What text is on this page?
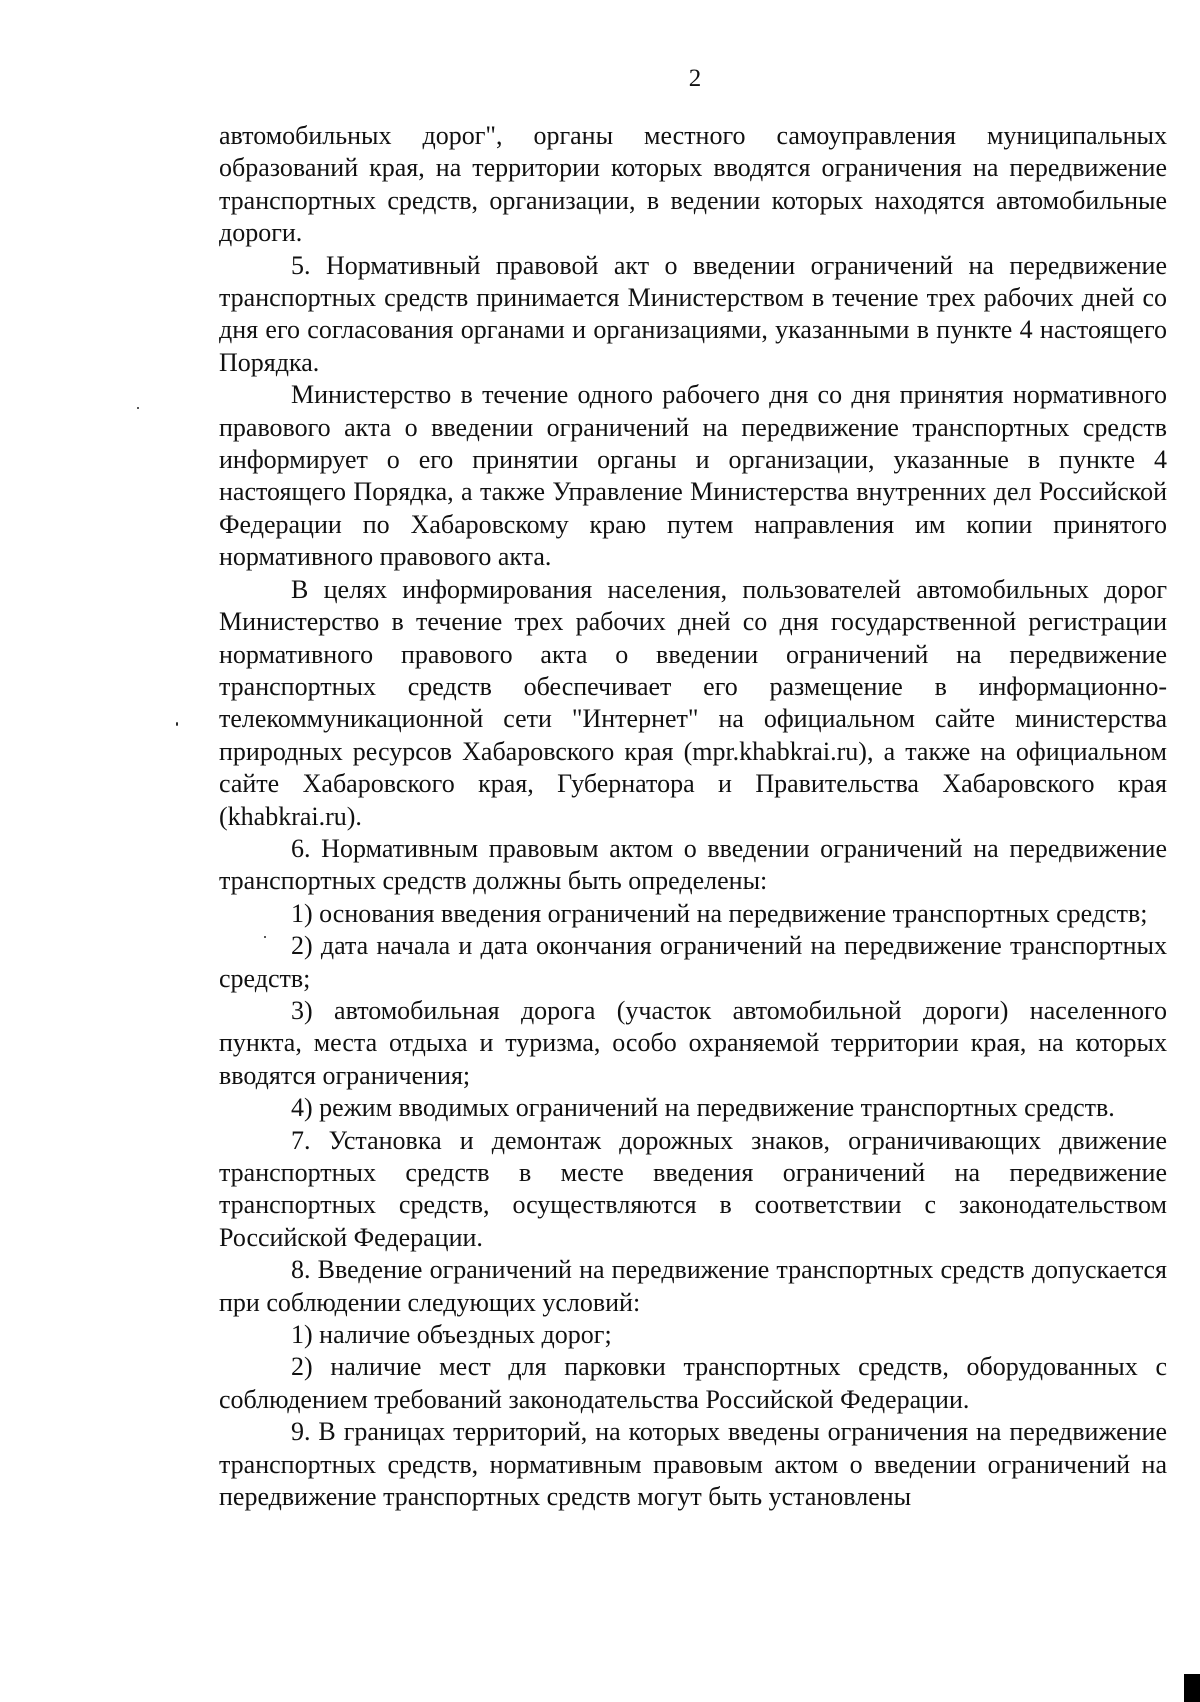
2

автомобильных дорог", органы местного самоуправления муниципальных образований края, на территории которых вводятся ограничения на передвижение транспортных средств, организации, в ведении которых находятся автомобильные дороги.

5. Нормативный правовой акт о введении ограничений на передвижение транспортных средств принимается Министерством в течение трех рабочих дней со дня его согласования органами и организациями, указанными в пункте 4 настоящего Порядка.

Министерство в течение одного рабочего дня со дня принятия нормативного правового акта о введении ограничений на передвижение транспортных средств информирует о его принятии органы и организации, указанные в пункте 4 настоящего Порядка, а также Управление Министерства внутренних дел Российской Федерации по Хабаровскому краю путем направления им копии принятого нормативного правового акта.

В целях информирования населения, пользователей автомобильных дорог Министерство в течение трех рабочих дней со дня государственной регистрации нормативного правового акта о введении ограничений на передвижение транспортных средств обеспечивает его размещение в информационно-телекоммуникационной сети "Интернет" на официальном сайте министерства природных ресурсов Хабаровского края (mpr.khabkrai.ru), а также на официальном сайте Хабаровского края, Губернатора и Правительства Хабаровского края (khabkrai.ru).

6. Нормативным правовым актом о введении ограничений на передвижение транспортных средств должны быть определены:

1) основания введения ограничений на передвижение транспортных средств;

2) дата начала и дата окончания ограничений на передвижение транспортных средств;

3) автомобильная дорога (участок автомобильной дороги) населенного пункта, места отдыха и туризма, особо охраняемой территории края, на которых вводятся ограничения;

4) режим вводимых ограничений на передвижение транспортных средств.

7. Установка и демонтаж дорожных знаков, ограничивающих движение транспортных средств в месте введения ограничений на передвижение транспортных средств, осуществляются в соответствии с законодательством Российской Федерации.

8. Введение ограничений на передвижение транспортных средств допускается при соблюдении следующих условий:

1) наличие объездных дорог;

2) наличие мест для парковки транспортных средств, оборудованных с соблюдением требований законодательства Российской Федерации.

9. В границах территорий, на которых введены ограничения на передвижение транспортных средств, нормативным правовым актом о введении ограничений на передвижение транспортных средств могут быть установлены
